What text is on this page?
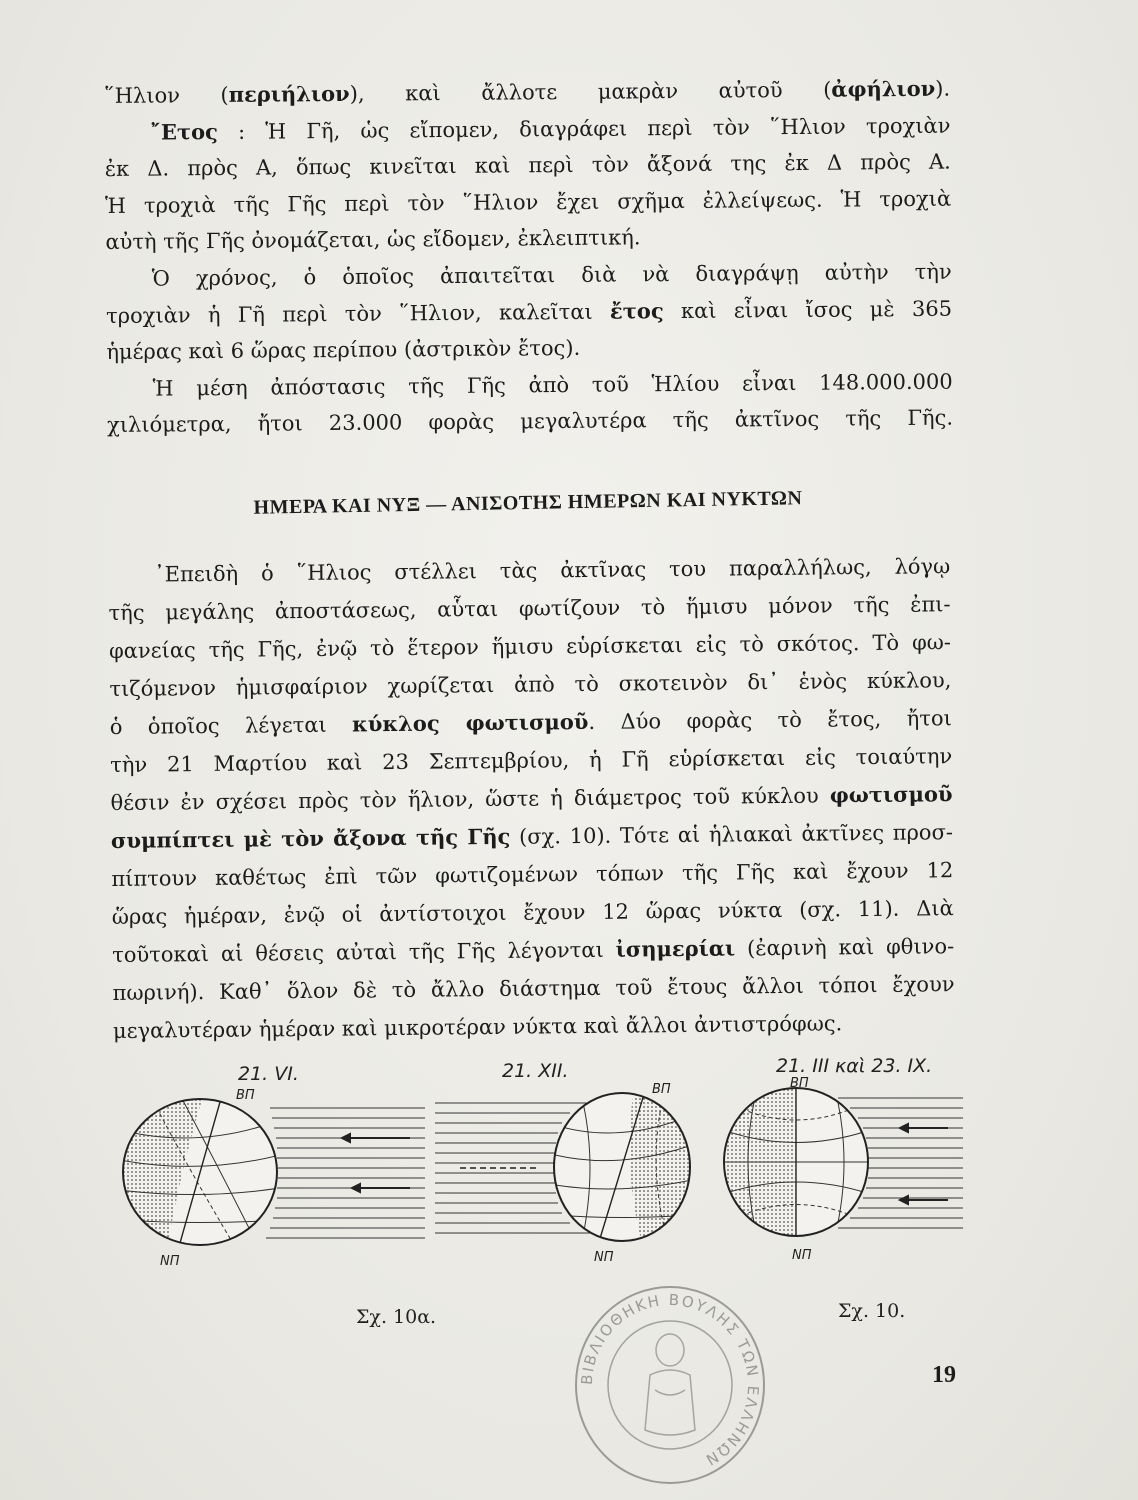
῞Ηλιον (περιήλιον), καὶ ἄλλοτε μακρὰν αὐτοῦ (ἀφήλιον).
῎Ετος : Ἡ Γῆ, ὡς εἴπομεν, διαγράφει περὶ τὸν ῞Ηλιον τροχιὰν
ἐκ Δ. πρὸς Α, ὅπως κινεῖται καὶ περὶ τὸν ἄξονά της ἐκ Δ πρὸς Α.
Ἡ τροχιὰ τῆς Γῆς περὶ τὸν ῞Ηλιον ἔχει σχῆμα ἐλλείψεως. Ἡ τροχιὰ
αὐτὴ τῆς Γῆς ὀνομάζεται, ὡς εἴδομεν, ἐκλειπτική.
Ὁ χρόνος, ὁ ὁποῖος ἀπαιτεῖται διὰ νὰ διαγράψῃ αὐτὴν τὴν
τροχιὰν ἡ Γῆ περὶ τὸν ῞Ηλιον, καλεῖται ἔτος καὶ εἶναι ἴσος μὲ 365
ἡμέρας καὶ 6 ὥρας περίπου (ἀστρικὸν ἔτος).
Ἡ μέση ἀπόστασις τῆς Γῆς ἀπὸ τοῦ Ἡλίου εἶναι 148.000.000
χιλιόμετρα, ἤτοι 23.000 φορὰς μεγαλυτέρα τῆς ἀκτῖνος τῆς Γῆς.
ΗΜΕΡΑ ΚΑΙ ΝΥΞ — ΑΝΙΣΟΤΗΣ ΗΜΕΡΩΝ ΚΑΙ ΝΥΚΤΩΝ
᾿Επειδὴ ὁ ῞Ηλιος στέλλει τὰς ἀκτῖνας του παραλλήλως, λόγῳ
τῆς μεγάλης ἀποστάσεως, αὗται φωτίζουν τὸ ἥμισυ μόνον τῆς ἐπι-
φανείας τῆς Γῆς, ἐνῷ τὸ ἕτερον ἥμισυ εὑρίσκεται εἰς τὸ σκότος. Τὸ φω-
τιζόμενον ἡμισφαίριον χωρίζεται ἀπὸ τὸ σκοτεινὸν δι᾿ ἑνὸς κύκλου,
ὁ ὁποῖος λέγεται κύκλος φωτισμοῦ. Δύο φορὰς τὸ ἔτος, ἤτοι
τὴν 21 Μαρτίου καὶ 23 Σεπτεμβρίου, ἡ Γῆ εὑρίσκεται εἰς τοιαύτην
θέσιν ἐν σχέσει πρὸς τὸν ἥλιον, ὥστε ἡ διάμετρος τοῦ κύκλου φωτισμοῦ
συμπίπτει μὲ τὸν ἄξονα τῆς Γῆς (σχ. 10). Τότε αἱ ἡλιακαὶ ἀκτῖνες προσ-
πίπτουν καθέτως ἐπὶ τῶν φωτιζομένων τόπων τῆς Γῆς καὶ ἔχουν 12
ὥρας ἡμέραν, ἐνῷ οἱ ἀντίστοιχοι ἔχουν 12 ὥρας νύκτα (σχ. 11). Διὰ
τοῦτοκαὶ αἱ θέσεις αὐταὶ τῆς Γῆς λέγονται ἰσημερίαι (ἐαρινὴ καὶ φθινο-
πωρινή). Καθ᾿ ὅλον δὲ τὸ ἄλλο διάστημα τοῦ ἔτους ἄλλοι τόποι ἔχουν
μεγαλυτέραν ἡμέραν καὶ μικροτέραν νύκτα καὶ ἄλλοι ἀντιστρόφως.
21. VI.
ΒΠ
ΝΠ
21. XII.
ΒΠ
ΝΠ
21. III καὶ 23. IX.
ΒΠ
ΝΠ
Σχ. 10α.	Σχ. 10.
ΒΙΒΛΙΟΘΗΚΗ ΒΟΥΛΗΣ ΤΩΝ ΕΛΛΗΝΩΝ
19
